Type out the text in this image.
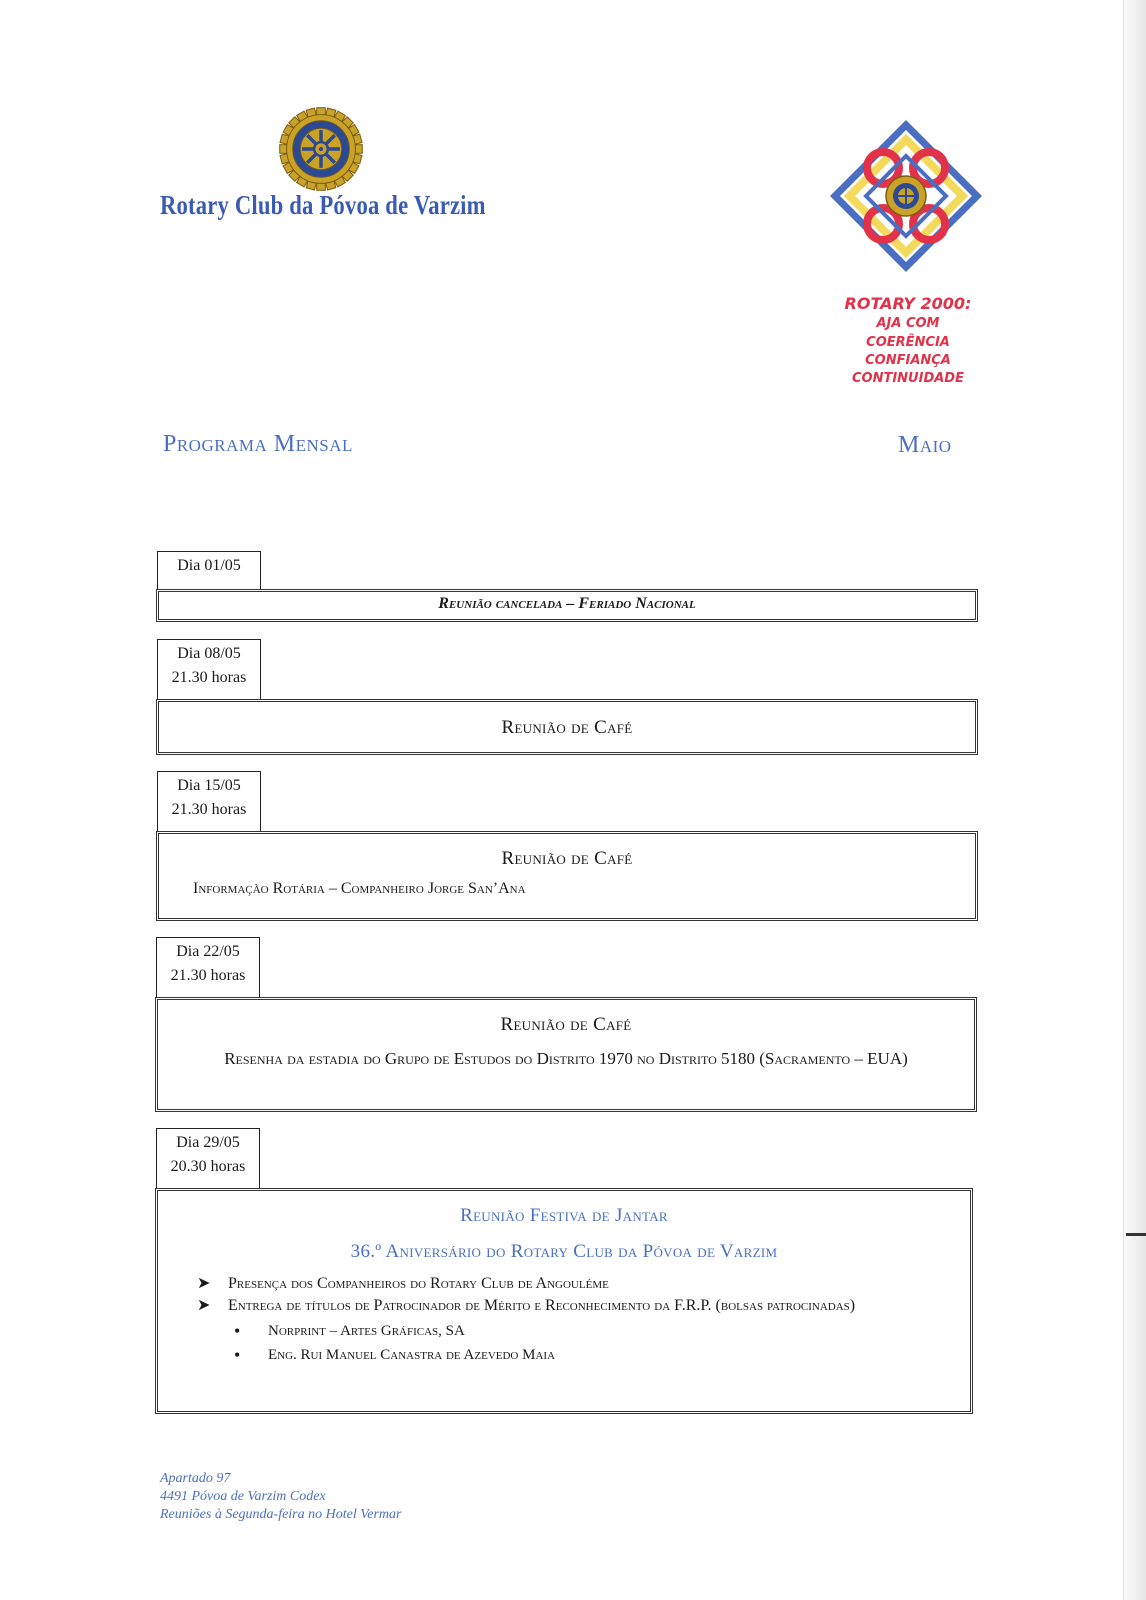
Rotary Club da Póvoa de Varzim
ROTARY 2000:
AJA COM
COERÊNCIA
CONFIANÇA
CONTINUIDADE
Programa Mensal	Maio
Dia 01/05
Reunião cancelada – Feriado Nacional
Dia 08/05
21.30 horas
Reunião de Café
Dia 15/05
21.30 horas
Reunião de Café
Informação Rotária – Companheiro Jorge San’Ana
Dia 22/05
21.30 horas
Reunião de Café
Resenha da estadia do Grupo de Estudos do Distrito 1970 no Distrito 5180 (Sacramento – EUA)
Dia 29/05
20.30 horas
Reunião Festiva de Jantar
36.º Aniversário do Rotary Club da Póvoa de Varzim
➤ Presença dos Companheiros do Rotary Club de Angouléme
➤ Entrega de títulos de Patrocinador de Mérito e Reconhecimento da F.R.P. (bolsas patrocinadas)
• Norprint – Artes Gráficas, SA
• Eng. Rui Manuel Canastra de Azevedo Maia
Apartado 97
4491 Póvoa de Varzim Codex
Reuniões à Segunda-feira no Hotel Vermar
